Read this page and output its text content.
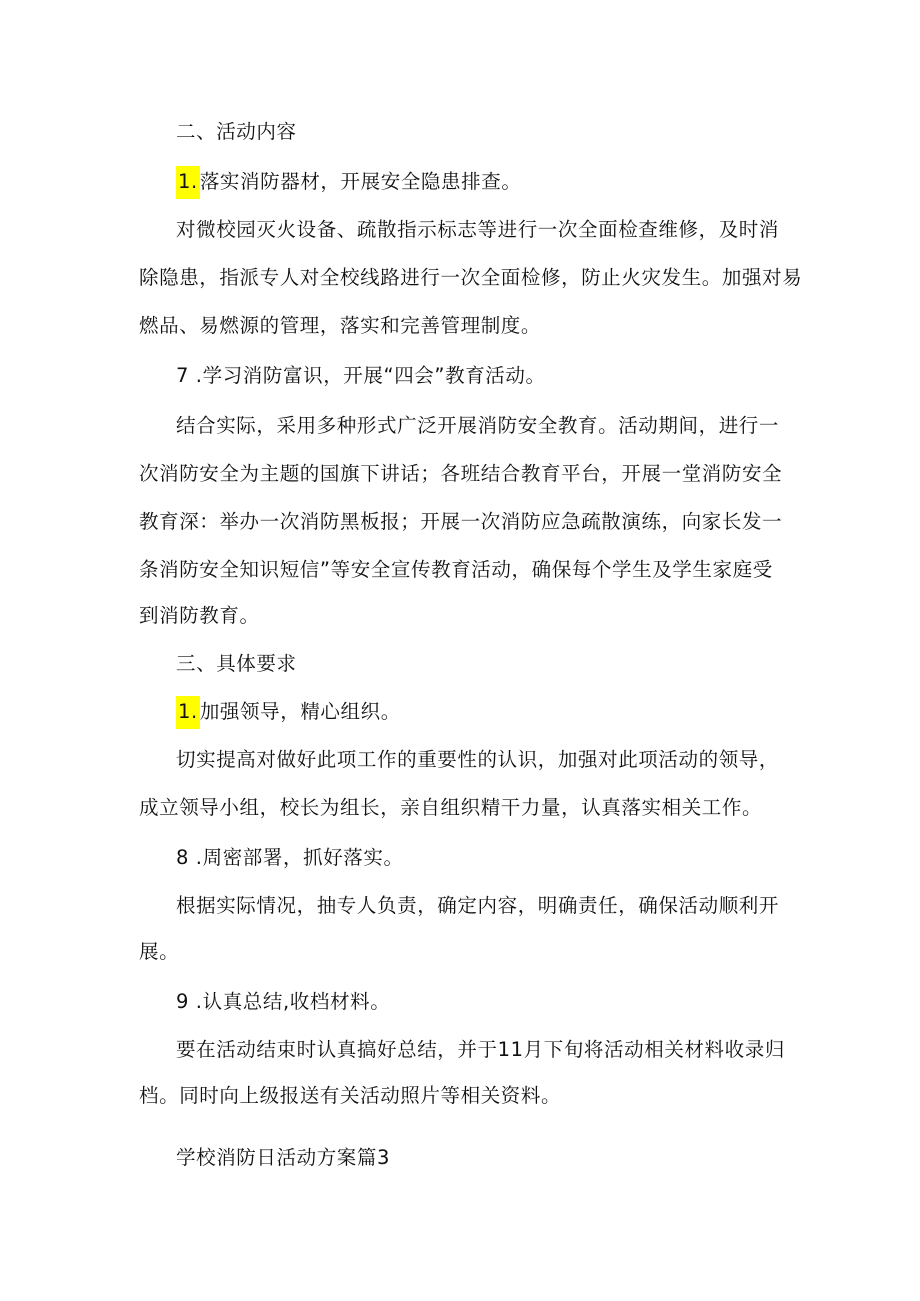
二、活动内容
1. 落实消防器材，开展安全隐患排查。
对微校园灭火设备、疏散指示标志等进行一次全面检查维修，及时消
除隐患，指派专人对全校线路进行一次全面检修，防止火灾发生。加强对易
燃品、易燃源的管理，落实和完善管理制度。
7 .学习消防富识，开展“四会”教育活动。
结合实际，采用多种形式广泛开展消防安全教育。活动期间，进行一
次消防安全为主题的国旗下讲话；各班结合教育平台，开展一堂消防安全
教育深：举办一次消防黑板报；开展一次消防应急疏散演练，向家长发一
条消防安全知识短信”等安全宣传教育活动，确保每个学生及学生家庭受
到消防教育。
三、具体要求
1. 加强领导，精心组织。
切实提高对做好此项工作的重要性的认识，加强对此项活动的领导，
成立领导小组，校长为组长，亲自组织精干力量，认真落实相关工作。
8 .周密部署，抓好落实。
根据实际情况，抽专人负责，确定内容，明确责任，确保活动顺利开
展。
9 .认真总结,收档材料。
要在活动结束时认真搞好总结，并于11月下旬将活动相关材料收录归
档。同时向上级报送有关活动照片等相关资料。
学校消防日活动方案篇3
